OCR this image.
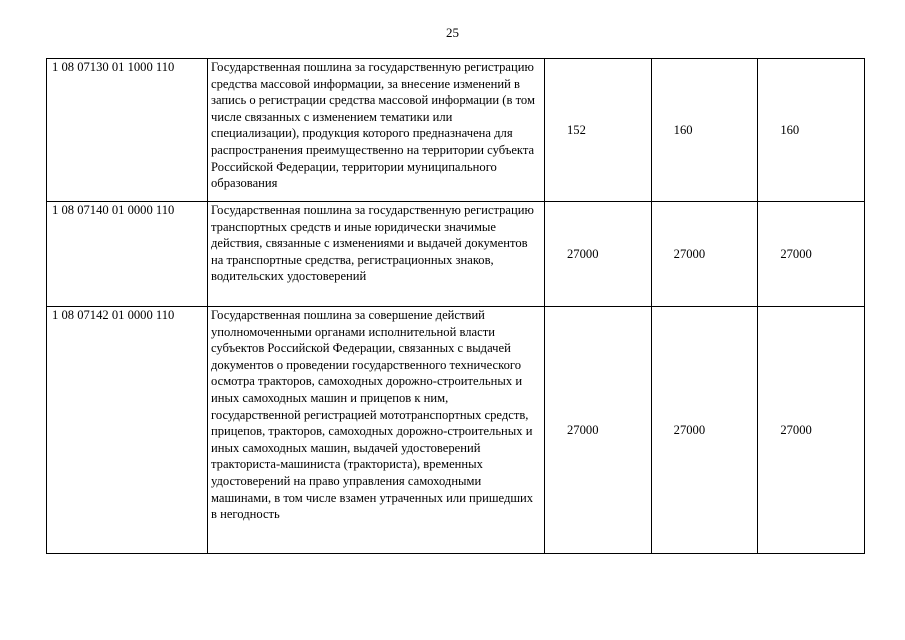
25
1 08 07130 01 1000 110	Государственная пошлина за государственную регистрацию средства массовой информации, за внесение изменений в запись о регистрации средства массовой информации (в том числе связанных с изменением тематики или специализации), продукция которого предназначена для распространения преимущественно на территории субъекта Российской Федерации, территории муниципального образования	152	160	160
1 08 07140 01 0000 110	Государственная пошлина за государственную регистрацию транспортных средств и иные юридически значимые действия, связанные с изменениями и выдачей документов на транспортные средства, регистрационных знаков, водительских удостоверений	27000	27000	27000
1 08 07142 01 0000 110	Государственная пошлина за совершение действий уполномоченными органами исполнительной власти субъектов Российской Федерации, связанных с выдачей документов о проведении государственного технического осмотра тракторов, самоходных дорожно-строительных и иных самоходных машин и прицепов к ним, государственной регистрацией мототранспортных средств, прицепов, тракторов, самоходных дорожно-строительных и иных самоходных машин, выдачей удостоверений тракториста-машиниста (тракториста), временных удостоверений на право управления самоходными машинами, в том числе взамен утраченных или пришедших в негодность	27000	27000	27000
